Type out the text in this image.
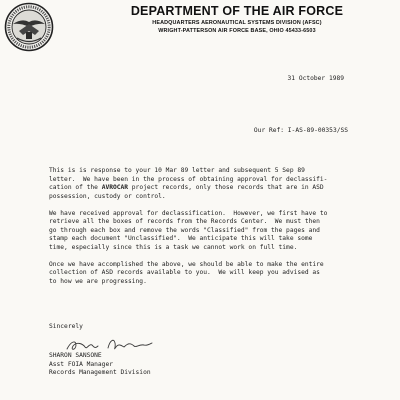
DEPARTMENT OF THE AIR FORCE
HEADQUARTERS AERONAUTICAL SYSTEMS DIVISION (AFSC)
WRIGHT-PATTERSON AIR FORCE BASE, OHIO 45433-6503
31 October 1989
Our Ref: I-AS-89-00353/SS
This is is response to your 10 Mar 89 letter and subsequent 5 Sep 89
letter.  We have been in the process of obtaining approval for declassifi-
cation of the AVROCAR project records, only those records that are in ASD
possession, custody or control.
We have received approval for declassification.  However, we first have to
retrieve all the boxes of records from the Records Center.  We must then
go through each box and remove the words "Classified" from the pages and
stamp each document "Unclassified".  We anticipate this will take some
time, especially since this is a task we cannot work on full time.
Once we have accomplished the above, we should be able to make the entire
collection of ASD records available to you.  We will keep you advised as
to how we are progressing.
Sincerely
SHARON SANSONE
Asst FOIA Manager
Records Management Division
